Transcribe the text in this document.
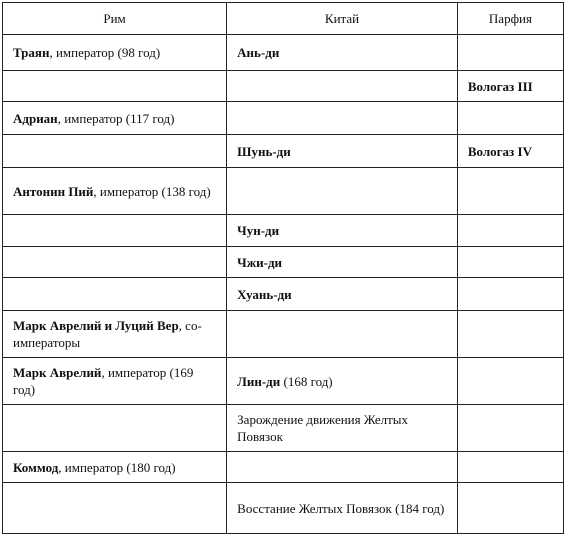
Рим	Китай	Парфия
Траян, император (98 год)	Ань-ди	
		Вологаз III
Адриан, император (117 год)		
	Шунь-ди	Вологаз IV
Антонин Пий, император (138 год)		
	Чун-ди	
	Чжи-ди	
	Хуань-ди	
Марк Аврелий и Луций Вер, со-императоры		
Марк Аврелий, император (169 год)	Лин-ди (168 год)	
	Зарождение движения Желтых Повязок	
Коммод, император (180 год)		
	Восстание Желтых Повязок (184 год)	
